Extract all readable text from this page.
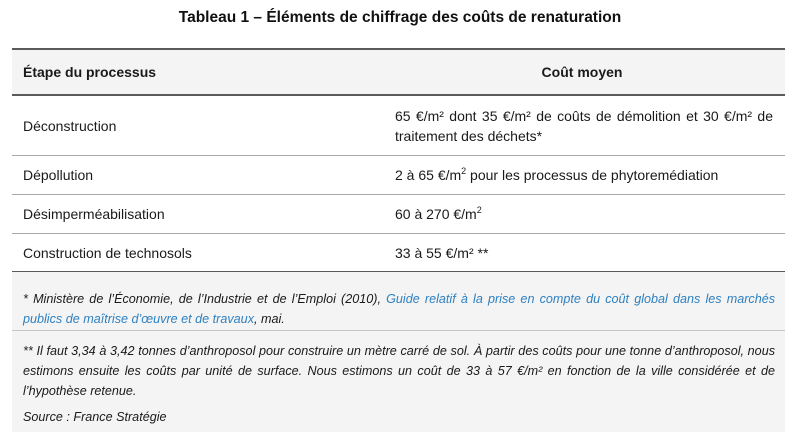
Tableau 1 – Éléments de chiffrage des coûts de renaturation
Étape du processus	Coût moyen
Déconstruction	65 €/m² dont 35 €/m² de coûts de démolition et 30 €/m² de traitement des déchets*
Dépollution	2 à 65 $€/m^2$ pour les processus de phytoremédiation
Désimperméabilisation	60 à 270 $€/m^2$
Construction de technosols	33 à 55 €/m² **
* Ministère de l’Économie, de l’Industrie et de l’Emploi (2010), Guide relatif à la prise en compte du coût global dans les marchés publics de maîtrise d’œuvre et de travaux, mai.
** Il faut 3,34 à 3,42 tonnes d’anthroposol pour construire un mètre carré de sol. À partir des coûts pour une tonne d’anthroposol, nous estimons ensuite les coûts par unité de surface. Nous estimons un coût de 33 à 57 €/m² en fonction de la ville considérée et de l’hypothèse retenue.
Source : France Stratégie
